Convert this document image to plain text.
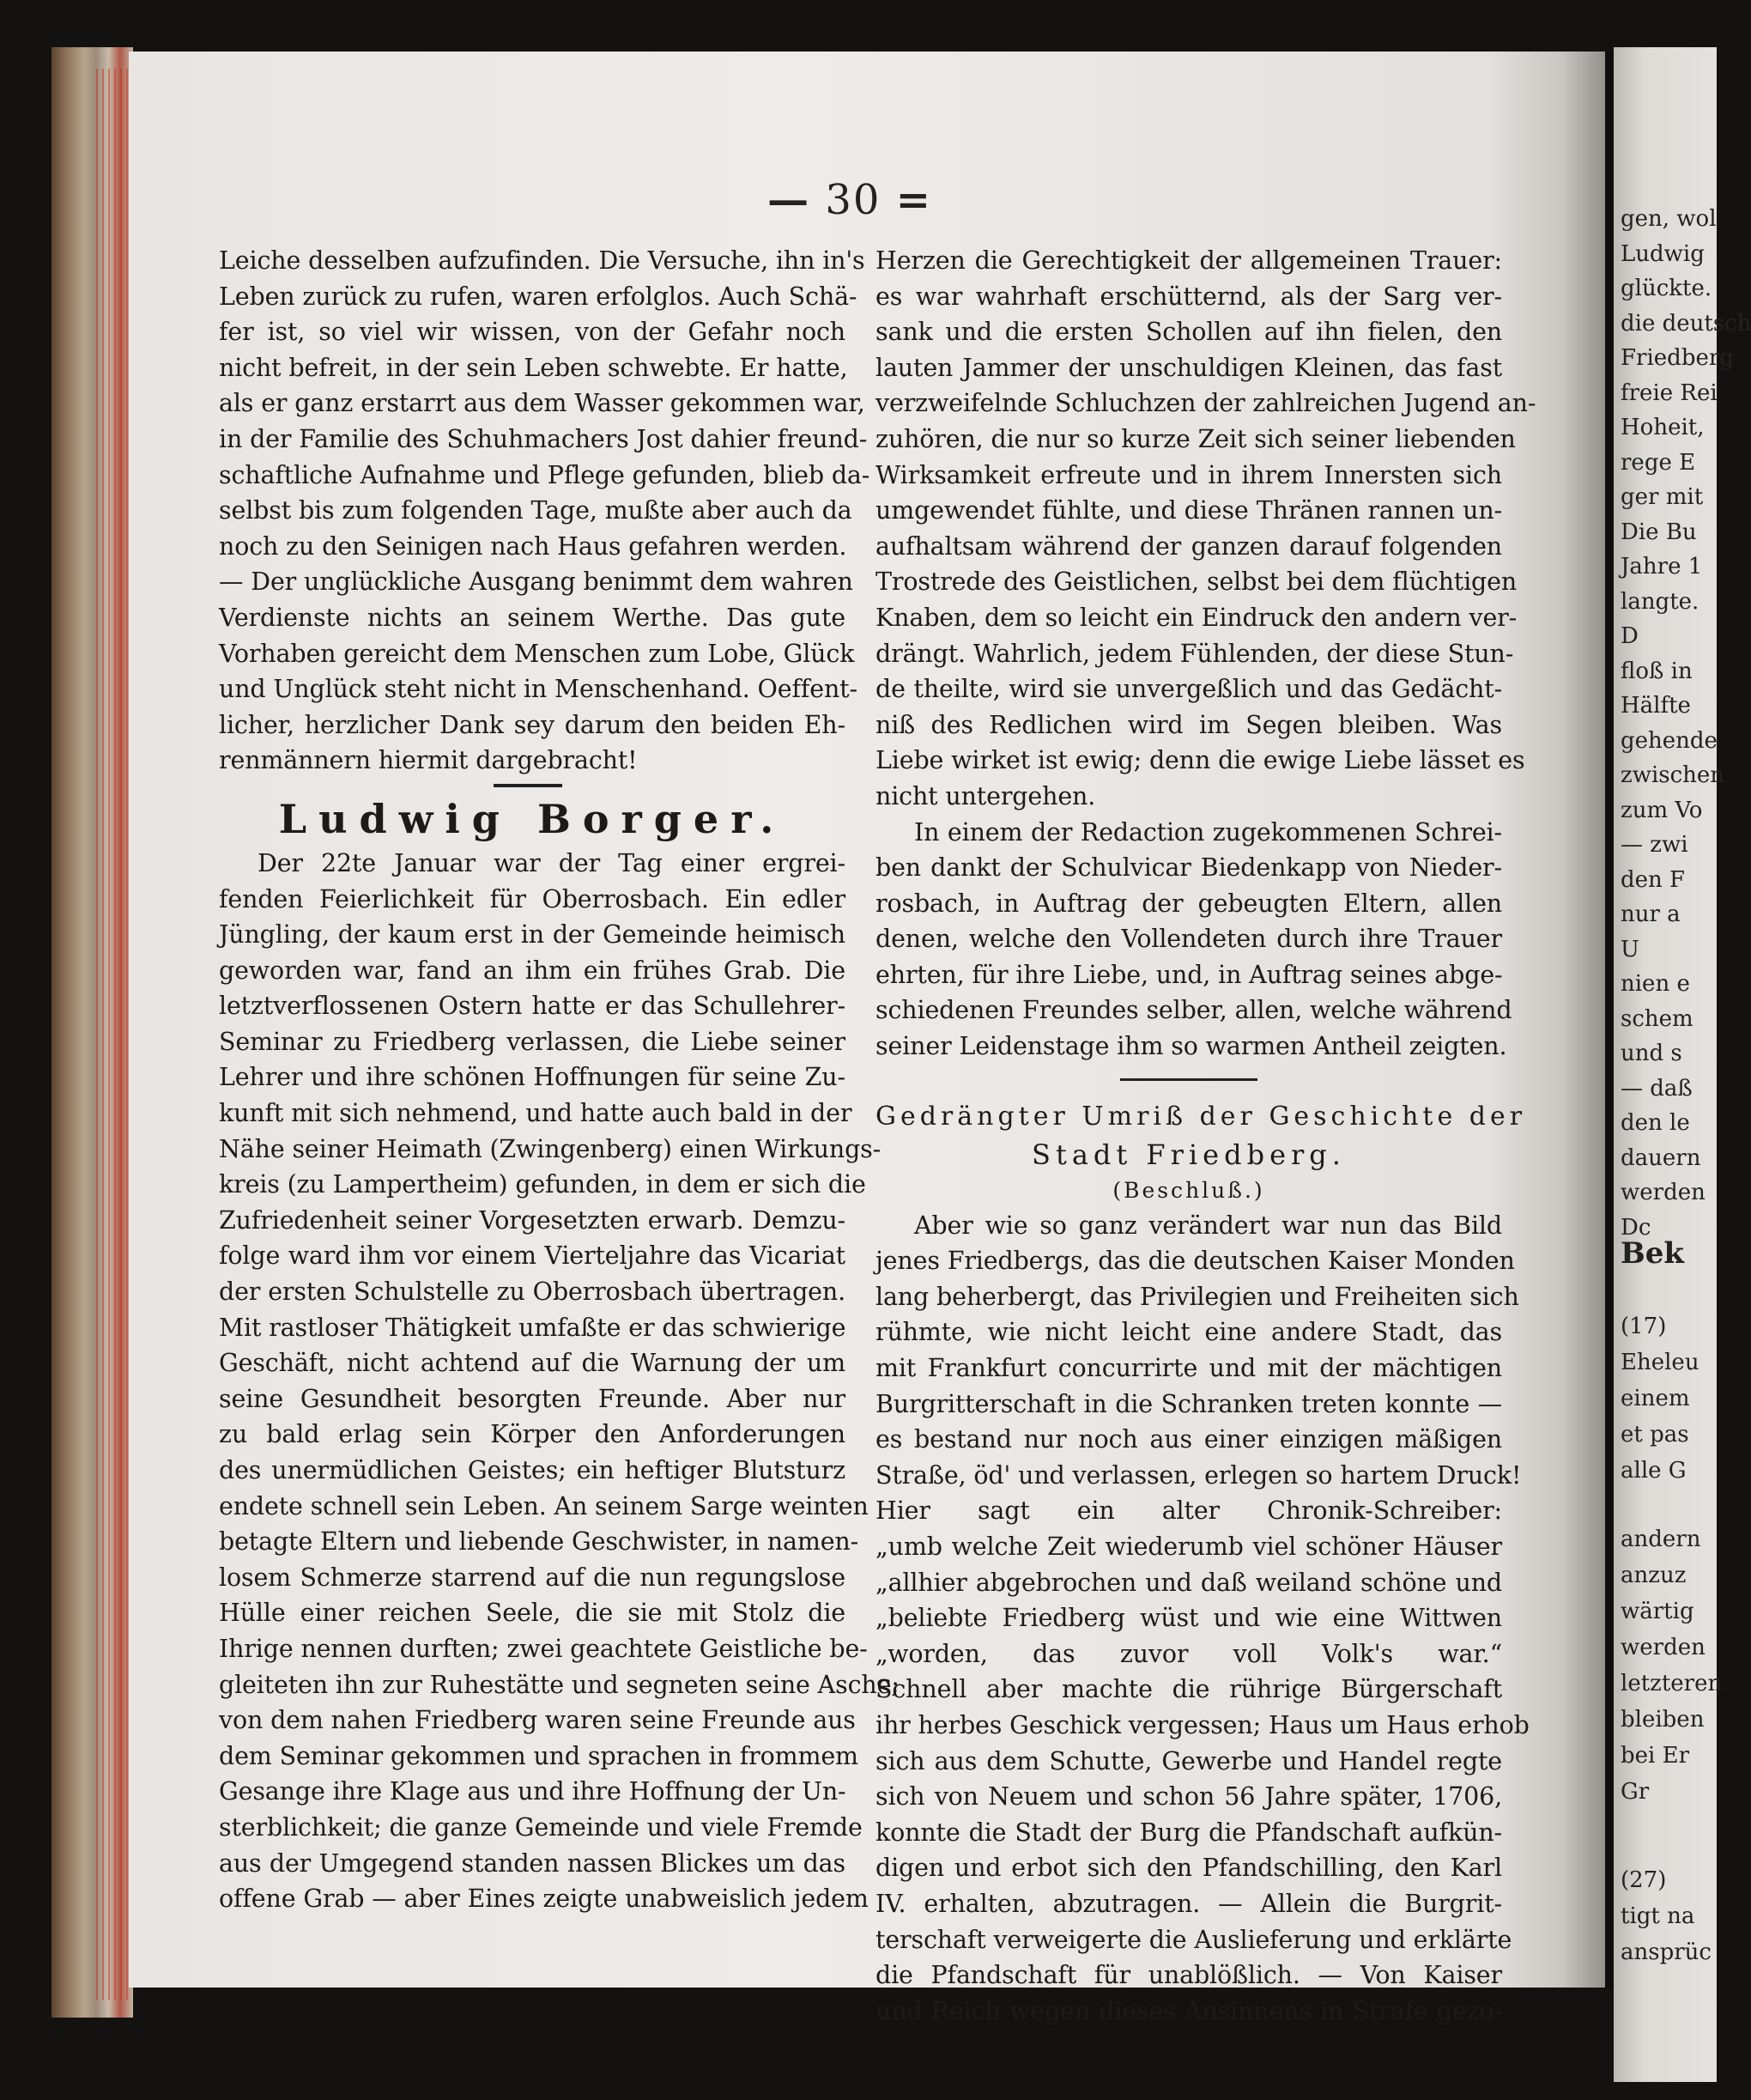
— 30 =
Leiche desselben aufzufinden. Die Versuche, ihn in's
Leben zurück zu rufen, waren erfolglos. Auch Schä-
fer ist, so viel wir wissen, von der Gefahr noch
nicht befreit, in der sein Leben schwebte. Er hatte,
als er ganz erstarrt aus dem Wasser gekommen war,
in der Familie des Schuhmachers Jost dahier freund-
schaftliche Aufnahme und Pflege gefunden, blieb da-
selbst bis zum folgenden Tage, mußte aber auch da
noch zu den Seinigen nach Haus gefahren werden.
— Der unglückliche Ausgang benimmt dem wahren
Verdienste nichts an seinem Werthe. Das gute
Vorhaben gereicht dem Menschen zum Lobe, Glück
und Unglück steht nicht in Menschenhand. Oeffent-
licher, herzlicher Dank sey darum den beiden Eh-
renmännern hiermit dargebracht!
Ludwig Borger.
Der 22te Januar war der Tag einer ergrei-
fenden Feierlichkeit für Oberrosbach. Ein edler
Jüngling, der kaum erst in der Gemeinde heimisch
geworden war, fand an ihm ein frühes Grab. Die
letztverflossenen Ostern hatte er das Schullehrer-
Seminar zu Friedberg verlassen, die Liebe seiner
Lehrer und ihre schönen Hoffnungen für seine Zu-
kunft mit sich nehmend, und hatte auch bald in der
Nähe seiner Heimath (Zwingenberg) einen Wirkungs-
kreis (zu Lampertheim) gefunden, in dem er sich die
Zufriedenheit seiner Vorgesetzten erwarb. Demzu-
folge ward ihm vor einem Vierteljahre das Vicariat
der ersten Schulstelle zu Oberrosbach übertragen.
Mit rastloser Thätigkeit umfaßte er das schwierige
Geschäft, nicht achtend auf die Warnung der um
seine Gesundheit besorgten Freunde. Aber nur
zu bald erlag sein Körper den Anforderungen
des unermüdlichen Geistes; ein heftiger Blutsturz
endete schnell sein Leben. An seinem Sarge weinten
betagte Eltern und liebende Geschwister, in namen-
losem Schmerze starrend auf die nun regungslose
Hülle einer reichen Seele, die sie mit Stolz die
Ihrige nennen durften; zwei geachtete Geistliche be-
gleiteten ihn zur Ruhestätte und segneten seine Asche;
von dem nahen Friedberg waren seine Freunde aus
dem Seminar gekommen und sprachen in frommem
Gesange ihre Klage aus und ihre Hoffnung der Un-
sterblichkeit; die ganze Gemeinde und viele Fremde
aus der Umgegend standen nassen Blickes um das
offene Grab — aber Eines zeigte unabweislich jedem
Herzen die Gerechtigkeit der allgemeinen Trauer:
es war wahrhaft erschütternd, als der Sarg ver-
sank und die ersten Schollen auf ihn fielen, den
lauten Jammer der unschuldigen Kleinen, das fast
verzweifelnde Schluchzen der zahlreichen Jugend an-
zuhören, die nur so kurze Zeit sich seiner liebenden
Wirksamkeit erfreute und in ihrem Innersten sich
umgewendet fühlte, und diese Thränen rannen un-
aufhaltsam während der ganzen darauf folgenden
Trostrede des Geistlichen, selbst bei dem flüchtigen
Knaben, dem so leicht ein Eindruck den andern ver-
drängt. Wahrlich, jedem Fühlenden, der diese Stun-
de theilte, wird sie unvergeßlich und das Gedächt-
niß des Redlichen wird im Segen bleiben. Was
Liebe wirket ist ewig; denn die ewige Liebe lässet es
nicht untergehen.
In einem der Redaction zugekommenen Schrei-
ben dankt der Schulvicar Biedenkapp von Nieder-
rosbach, in Auftrag der gebeugten Eltern, allen
denen, welche den Vollendeten durch ihre Trauer
ehrten, für ihre Liebe, und, in Auftrag seines abge-
schiedenen Freundes selber, allen, welche während
seiner Leidenstage ihm so warmen Antheil zeigten.
Gedrängter Umriß der Geschichte der
Stadt Friedberg.
(Beschluß.)
Aber wie so ganz verändert war nun das Bild
jenes Friedbergs, das die deutschen Kaiser Monden
lang beherbergt, das Privilegien und Freiheiten sich
rühmte, wie nicht leicht eine andere Stadt, das
mit Frankfurt concurrirte und mit der mächtigen
Burgritterschaft in die Schranken treten konnte —
es bestand nur noch aus einer einzigen mäßigen
Straße, öd' und verlassen, erlegen so hartem Druck!
Hier sagt ein alter Chronik-Schreiber:
„umb welche Zeit wiederumb viel schöner Häuser
„allhier abgebrochen und daß weiland schöne und
„beliebte Friedberg wüst und wie eine Wittwen
„worden, das zuvor voll Volk's war.“
Schnell aber machte die rührige Bürgerschaft
ihr herbes Geschick vergessen; Haus um Haus erhob
sich aus dem Schutte, Gewerbe und Handel regte
sich von Neuem und schon 56 Jahre später, 1706,
konnte die Stadt der Burg die Pfandschaft aufkün-
digen und erbot sich den Pfandschilling, den Karl
IV. erhalten, abzutragen. — Allein die Burgrit-
terschaft verweigerte die Auslieferung und erklärte
die Pfandschaft für unablößlich. — Von Kaiser
und Reich wegen dieses Ansinnens in Strafe gezo-
gen, wol
Ludwig
glückte.
die deutsch
Friedberg
freie Rei
Hoheit,
rege E
ger mit
Die Bu
Jahre 1
langte.
D
floß in
Hälfte
gehende
zwischen
zum Vo
— zwi
den F
nur a
U
nien e
schem
und s
— daß
den le
dauern
werden
Dc
Bek
(17)
Eheleu
einem
et pas
alle G
andern
anzuz
wärtig
werden
letzteren
bleiben
bei Er
Gr
(27)
tigt na
ansprüc
